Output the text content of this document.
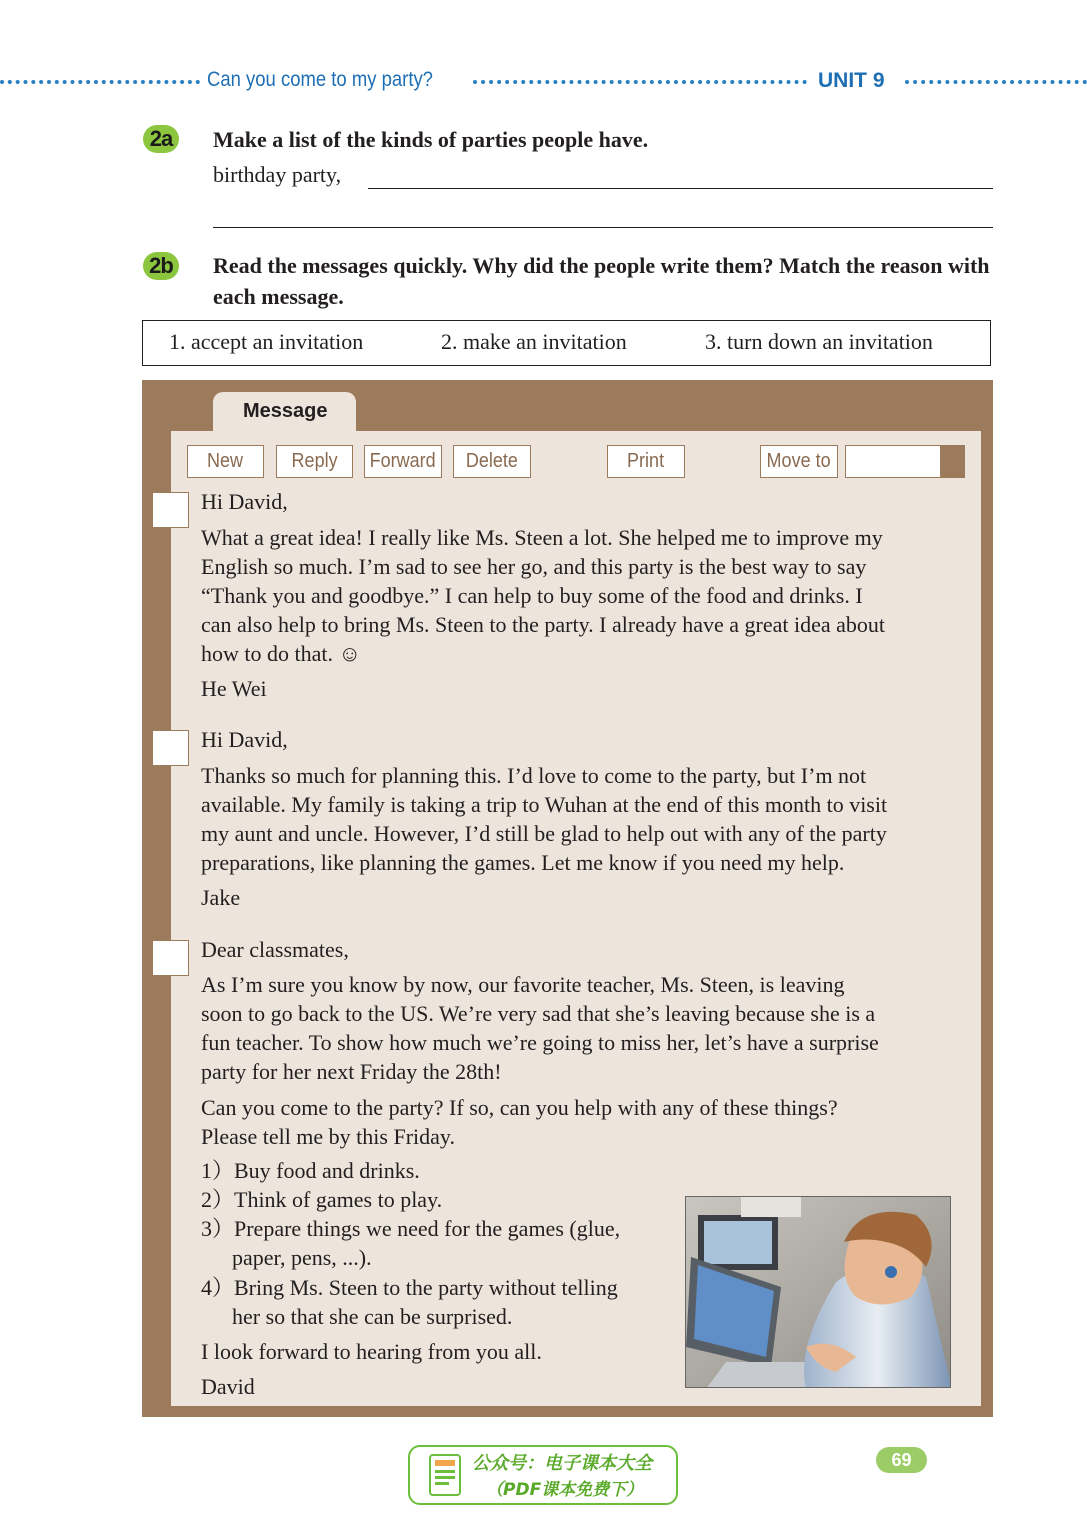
Can you come to my party?	UNIT 9
2a	Make a list of the kinds of parties people have.
birthday party,
2b Read the messages quickly. Why did the people write them? Match the reason with each message.
1. accept an invitation	2. make an invitation	3. turn down an invitation
Message
New	Reply	Forward	Delete	Print	Move to
Hi David,
What a great idea! I really like Ms. Steen a lot. She helped me to improve my
English so much. I’m sad to see her go, and this party is the best way to say
“Thank you and goodbye.” I can help to buy some of the food and drinks. I
can also help to bring Ms. Steen to the party. I already have a great idea about
how to do that. ☺
He Wei
Hi David,
Thanks so much for planning this. I’d love to come to the party, but I’m not
available. My family is taking a trip to Wuhan at the end of this month to visit
my aunt and uncle. However, I’d still be glad to help out with any of the party
preparations, like planning the games. Let me know if you need my help.
Jake
Dear classmates,
As I’m sure you know by now, our favorite teacher, Ms. Steen, is leaving
soon to go back to the US. We’re very sad that she’s leaving because she is a
fun teacher. To show how much we’re going to miss her, let’s have a surprise
party for her next Friday the 28th!
Can you come to the party? If so, can you help with any of these things?
Please tell me by this Friday.
1）Buy food and drinks.
2）Think of games to play.
3）Prepare things we need for the games (glue,
paper, pens, ...).
4）Bring Ms. Steen to the party without telling
her so that she can be surprised.
I look forward to hearing from you all.
David
公众号：电子课本大全
（PDF课本免费下）
69
